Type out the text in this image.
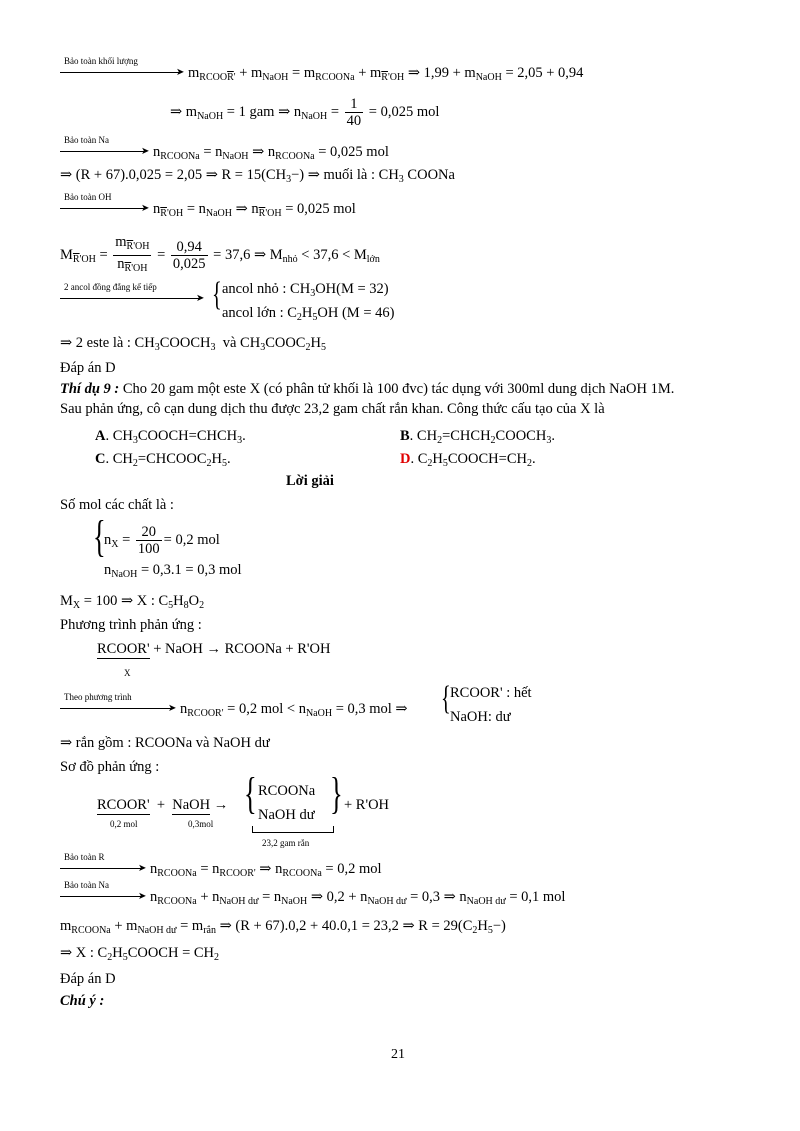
Bảo toàn khối lượng
➤ $m_{RCOO\overline{R}'} + m_{NaOH} = m_{RCOONa} + m_{\overline{R}'OH}$ ⇒ $1,99 + m_{NaOH} = 2,05 + 0,94$
⇒ $m_{NaOH} = 1$ gam ⇒ $n_{NaOH} = \frac{1}{40} = 0,025$ mol
Bảo toàn Na
➤ $n_{RCOONa} = n_{NaOH}$ ⇒ $n_{RCOONa} = 0,025$ mol
⇒ (R + 67).0,025 = 2,05 ⇒ $R = 15(CH_3-)$ ⇒ muối là : $CH_3$ COONa
Bảo toàn OH
➤ $n_{\overline{R}'OH} = n_{NaOH}$ ⇒ $n_{\overline{R}'OH} = 0,025$ mol
$M_{\overline{R}'OH} = \frac{m_{\overline{R}'OH}}{n_{\overline{R}'OH}} = \frac{0,94}{0,025} = 37,6$ ⇒ $M_{nhỏ} < 37,6 < M_{lớn}$
2 ancol đồng đẳng kế tiếp
➤ { ancol nhỏ : $CH_3OH(M = 32)$
ancol lớn : $C_2H_5OH$ (M = 46)
⇒ 2 este là : $CH_3COOCH_3$  và $CH_3COOC_2H_5$
Đáp án D
Thí dụ 9 : Cho 20 gam một este X (có phân tử khối là 100 đvc) tác dụng với 300ml dung dịch NaOH 1M.
Sau phản ứng, cô cạn dung dịch thu được 23,2 gam chất rắn khan. Công thức cấu tạo của X là
A. $CH_3COOCH=CHCH_3$.	B. $CH_2=CHCH_2COOCH_3$.
C. $CH_2=CHCOOC_2H_5$.	D. $C_2H_5COOCH=CH_2$.
Lời giải
Số mol các chất là :
{
$n_X = \frac{20}{100} = 0,2$ mol
$n_{NaOH} = 0,3.1 = 0,3$ mol
$M_X = 100$ ⇒ X : $C_5H_8O_2$
Phương trình phản ứng :
RCOOR' + NaOH → RCOONa + R'OH
X
Theo phương trình
➤ $n_{RCOOR'} = 0,2$ mol < $n_{NaOH} = 0,3$ mol ⇒ { RCOOR' : hết
NaOH: dư
⇒ rắn gồm : RCOONa và NaOH dư
Sơ đồ phản ứng :
RCOOR'  +  NaOH → { RCOONa
NaOH dư } + R'OH
0,2 mol	0,3mol
23,2 gam rắn
Bảo toàn R
➤ $n_{RCOONa} = n_{RCOOR'}$ ⇒ $n_{RCOONa} = 0,2$ mol
Bảo toàn Na
➤ $n_{RCOONa} + n_{NaOH dư} = n_{NaOH}$ ⇒ $0,2 + n_{NaOH dư} = 0,3$ ⇒ $n_{NaOH dư} = 0,1$ mol
$m_{RCOONa} + m_{NaOH dư} = m_{rắn}$ ⇒ (R + 67).0,2 + 40.0,1 = 23,2 ⇒ $R = 29(C_2H_5-)$
⇒ X : $C_2H_5COOCH = CH_2$
Đáp án D
Chú ý :
21
